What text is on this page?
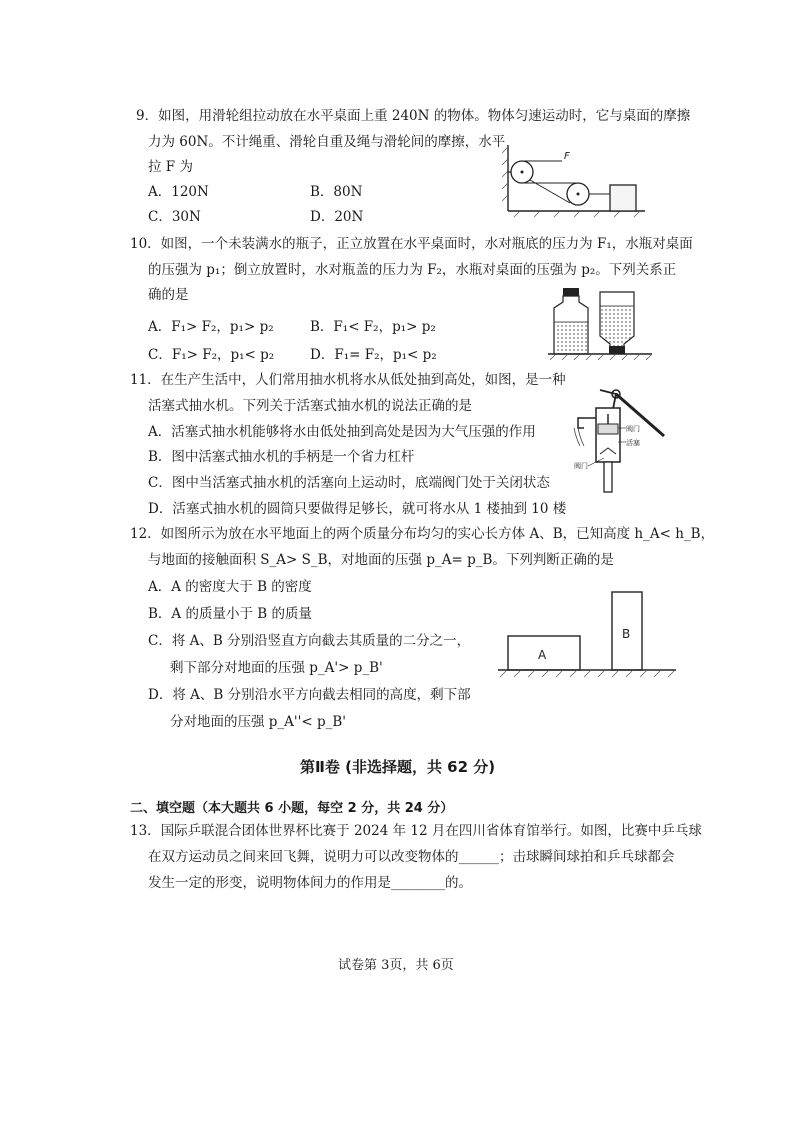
9．如图，用滑轮组拉动放在水平桌面上重 240N 的物体。物体匀速运动时，它与桌面的摩擦
力为 60N。不计绳重、滑轮自重及绳与滑轮间的摩擦，水平
拉 F 为
A．120N	B．80N
C．30N	D．20N
F
10．如图，一个未装满水的瓶子，正立放置在水平桌面时，水对瓶底的压力为 F₁，水瓶对桌面
的压强为 p₁；倒立放置时，水对瓶盖的压力为 F₂，水瓶对桌面的压强为 p₂。下列关系正
确的是
A．F₁> F₂，p₁> p₂	B．F₁< F₂，p₁> p₂
C．F₁> F₂，p₁< p₂	D．F₁= F₂，p₁< p₂
11．在生产生活中，人们常用抽水机将水从低处抽到高处，如图，是一种
活塞式抽水机。下列关于活塞式抽水机的说法正确的是
A．活塞式抽水机能够将水由低处抽到高处是因为大气压强的作用
B．图中活塞式抽水机的手柄是一个省力杠杆
C．图中当活塞式抽水机的活塞向上运动时，底端阀门处于关闭状态
D．活塞式抽水机的圆筒只要做得足够长，就可将水从 1 楼抽到 10 楼
阀门
活塞
阀门
12．如图所示为放在水平地面上的两个质量分布均匀的实心长方体 A、B，已知高度 h_A< h_B，
与地面的接触面积 S_A> S_B，对地面的压强 p_A= p_B。下列判断正确的是
A．A 的密度大于 B 的密度
B．A 的质量小于 B 的质量
C．将 A、B 分别沿竖直方向截去其质量的二分之一，
剩下部分对地面的压强 p_A'> p_B'
D．将 A、B 分别沿水平方向截去相同的高度，剩下部
分对地面的压强 p_A''< p_B'
A
B
第Ⅱ卷 (非选择题，共 62 分)
二、填空题（本大题共 6 小题，每空 2 分，共 24 分）
13．国际乒联混合团体世界杯比赛于 2024 年 12 月在四川省体育馆举行。如图，比赛中乒乓球
在双方运动员之间来回飞舞，说明力可以改变物体的______；击球瞬间球拍和乒乓球都会
发生一定的形变，说明物体间力的作用是________的。
试卷第 3页，共 6页
